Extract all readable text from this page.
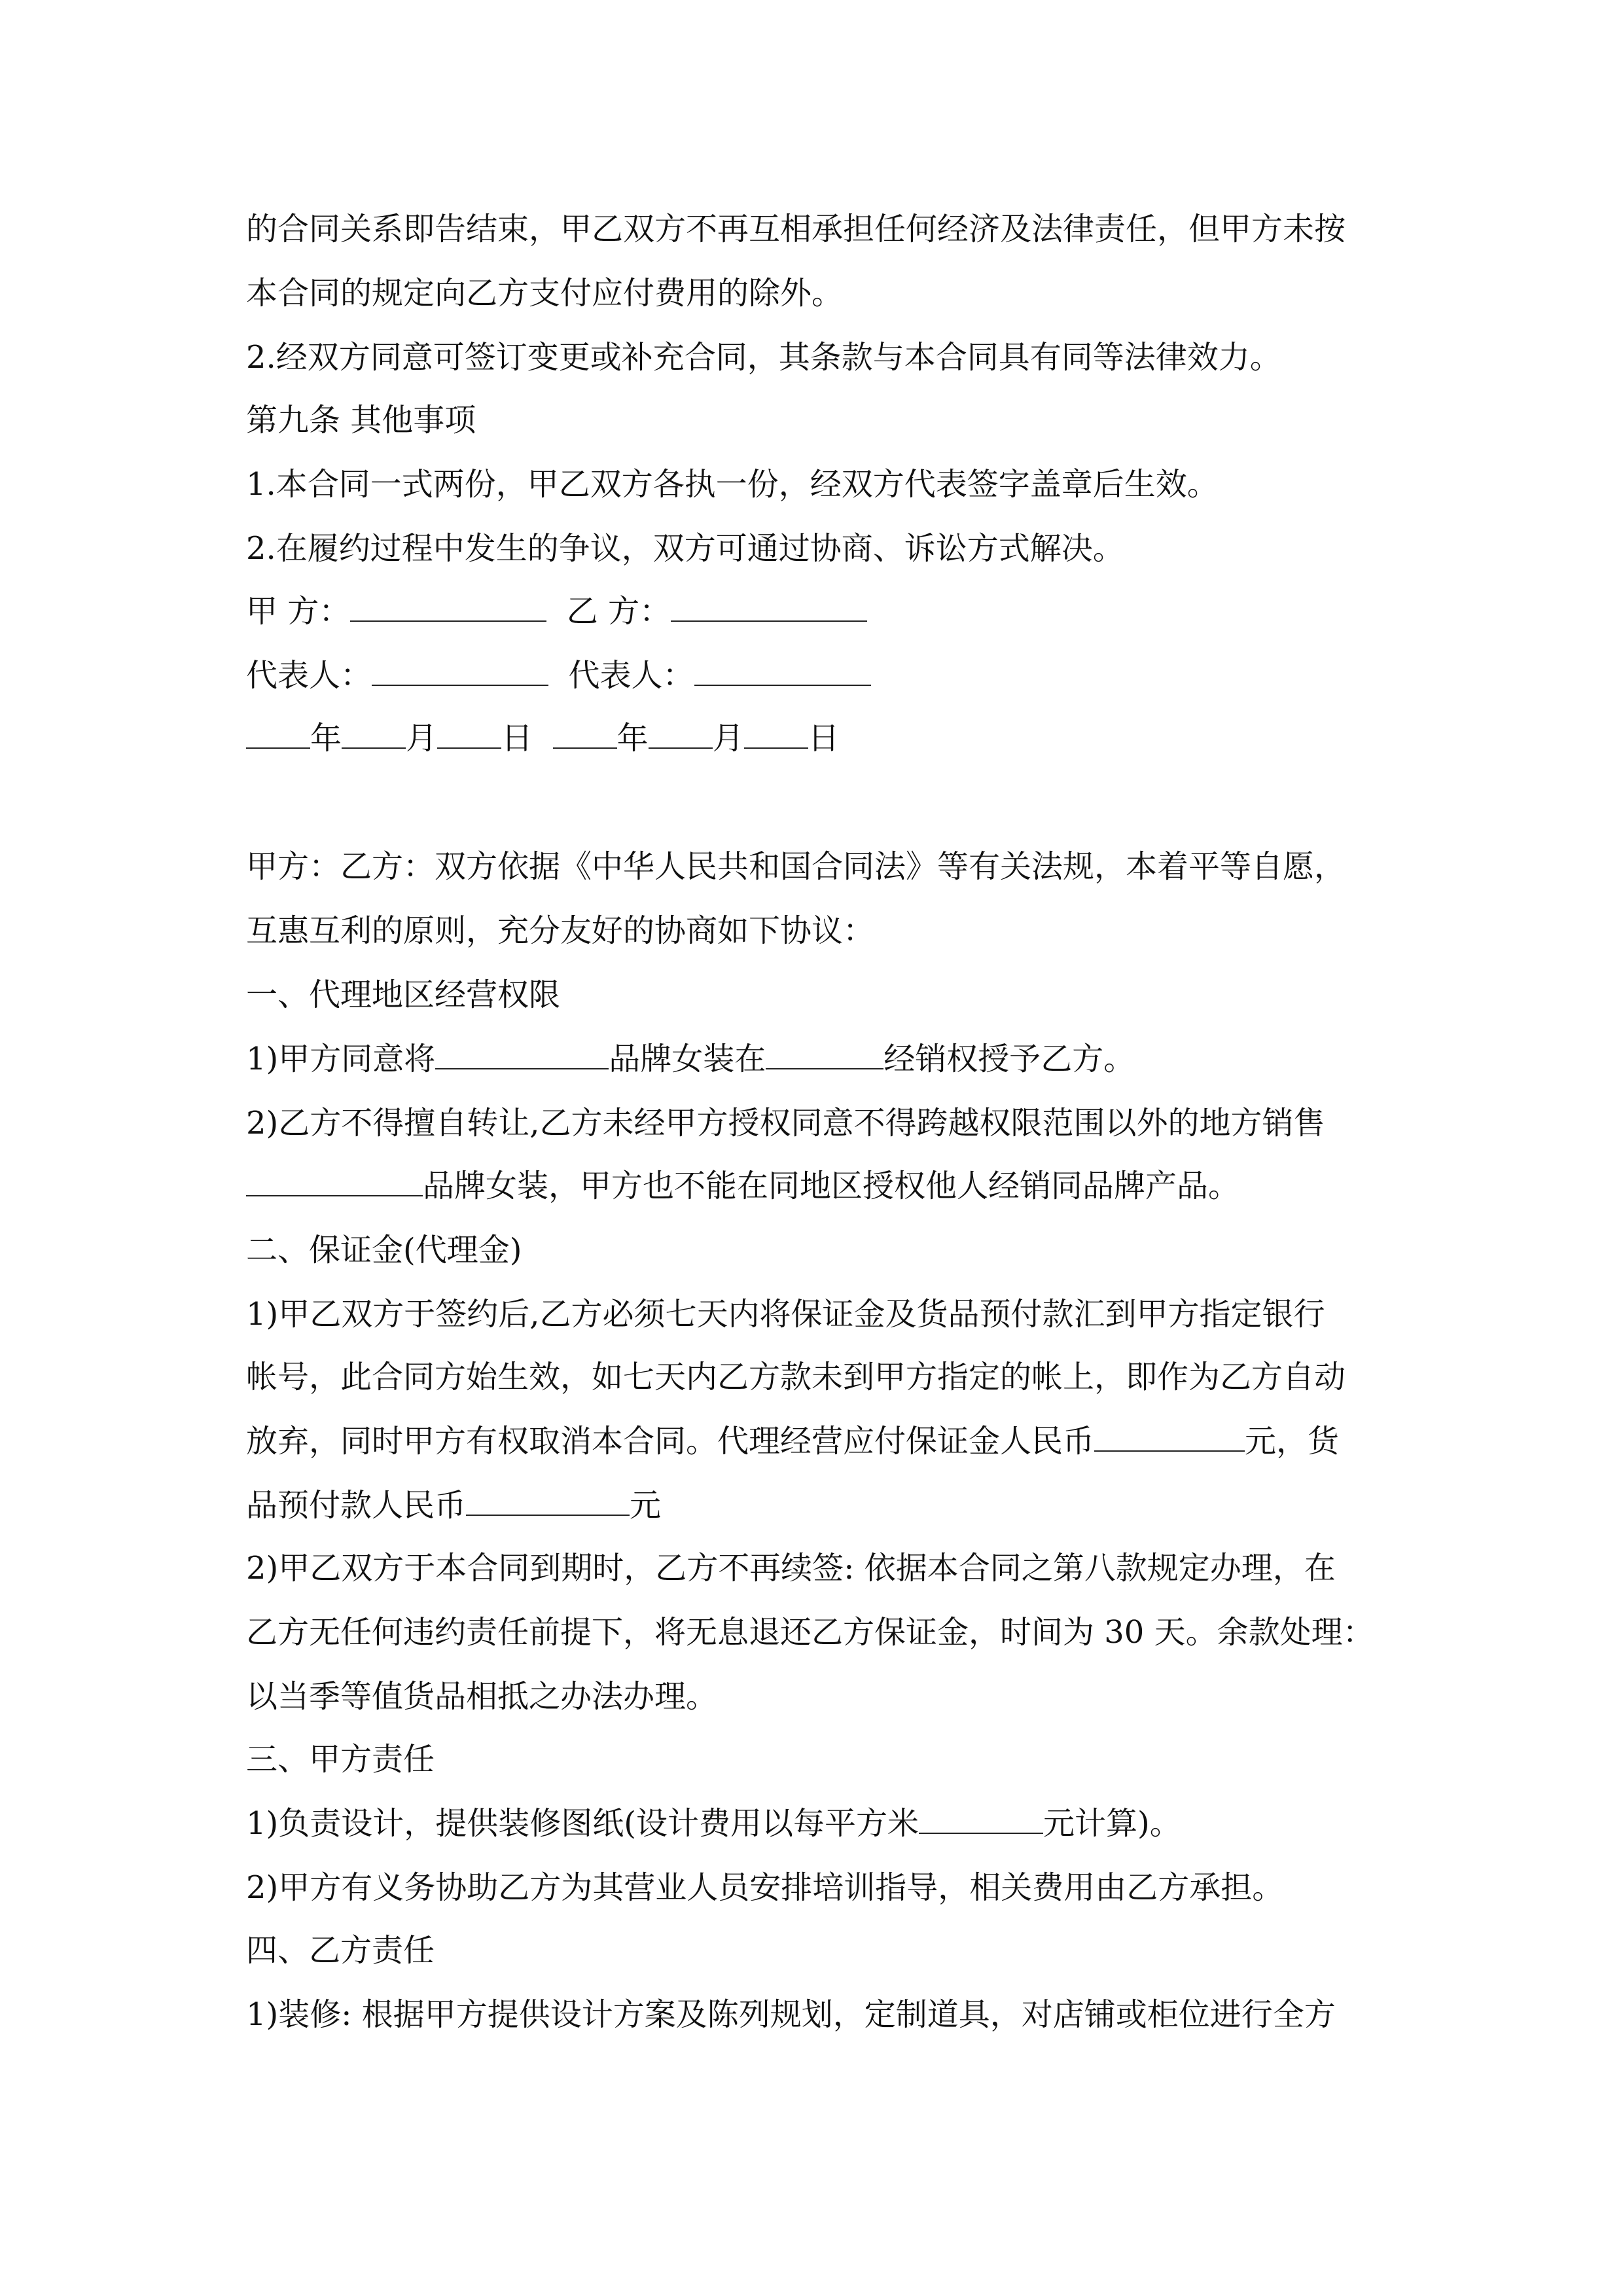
的合同关系即告结束，甲乙双方不再互相承担任何经济及法律责任，但甲方未按
本合同的规定向乙方支付应付费用的除外。
2.经双方同意可签订变更或补充合同，其条款与本合同具有同等法律效力。
第九条 其他事项
1.本合同一式两份，甲乙双方各执一份，经双方代表签字盖章后生效。
2.在履约过程中发生的争议，双方可通过协商、诉讼方式解决。
甲 方：	乙 方：
代表人：	代表人：
年 月 日	年 月 日
甲方：乙方：双方依据《中华人民共和国合同法》等有关法规，本着平等自愿，
互惠互利的原则，充分友好的协商如下协议：
一、代理地区经营权限
1)甲方同意将	品牌女装在	经销权授予乙方。
2)乙方不得擅自转让,乙方未经甲方授权同意不得跨越权限范围以外的地方销售
品牌女装，甲方也不能在同地区授权他人经销同品牌产品。
二、保证金(代理金)
1)甲乙双方于签约后,乙方必须七天内将保证金及货品预付款汇到甲方指定银行
帐号，此合同方始生效，如七天内乙方款未到甲方指定的帐上，即作为乙方自动
放弃，同时甲方有权取消本合同。代理经营应付保证金人民币	元，货
品预付款人民币	元
2)甲乙双方于本合同到期时，乙方不再续签: 依据本合同之第八款规定办理，在
乙方无任何违约责任前提下，将无息退还乙方保证金，时间为 30 天。余款处理：
以当季等值货品相抵之办法办理。
三、甲方责任
1)负责设计，提供装修图纸(设计费用以每平方米	元计算)。
2)甲方有义务协助乙方为其营业人员安排培训指导，相关费用由乙方承担。
四、乙方责任
1)装修: 根据甲方提供设计方案及陈列规划，定制道具，对店铺或柜位进行全方
